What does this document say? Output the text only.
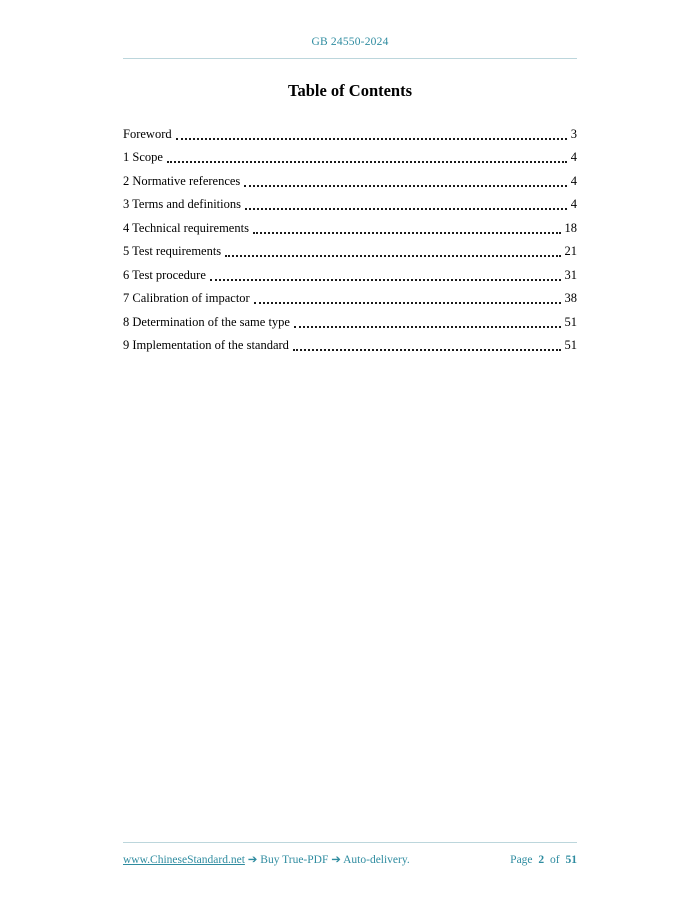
GB 24550-2024
Table of Contents
Foreword	3
1 Scope	4
2 Normative references	4
3 Terms and definitions	4
4 Technical requirements	18
5 Test requirements	21
6 Test procedure	31
7 Calibration of impactor	38
8 Determination of the same type	51
9 Implementation of the standard	51
www.ChineseStandard.net ➔ Buy True-PDF ➔ Auto-delivery.	Page 2 of 51
